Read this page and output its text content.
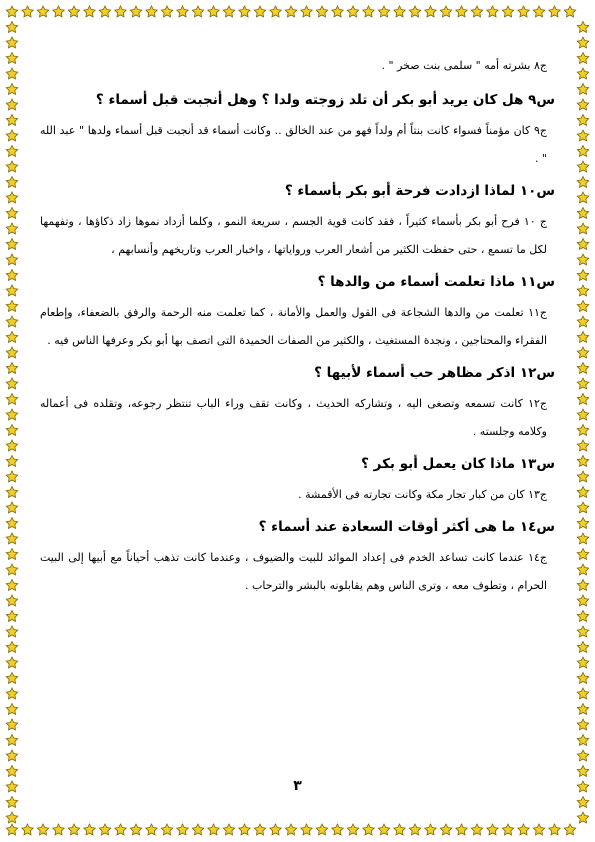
ج٨ بشرته أمه " سلمى بنت صخر " .

س٩ هل كان يريد أبو بكر أن تلد زوجته ولدا ؟ وهل أنجبت قبل أسماء ؟

ج٩ كان مؤمناً فسواء كانت بنتاً أم ولداً فهو من عند الخالق .. وكانت أسماء قد أنجبت قبل أسماء ولدها " عبد الله " .

س١٠ لماذا ازدادت فرحة أبو بكر بأسماء ؟

ج ١٠ فرح أبو بكر بأسماء كثيراً ، فقد كانت قوية الجسم ، سريعة النمو ، وكلما أزداد نموها زاد ذكاؤها ، وتفهمها لكل ما تسمع ، حتى حفظت الكثير من أشعار العرب ورواياتها ، واخبار العرب وتاريخهم وأنسابهم ،

س١١ ماذا تعلمت أسماء من والدها ؟

ج١١ تعلمت من والدها الشجاعة فى القول والعمل والأمانة ، كما تعلمت منه الرحمة والرفق بالضعفاء، وإطعام الفقراء والمحتاجين ، ونجدة المستغيث ، والكثير من الصفات الحميدة التى اتصف بها أبو بكر وعرفها الناس فيه .

س١٢ اذكر مظاهر حب أسماء لأبيها ؟

ج١٢ كانت تسمعه وتصغى اليه ، وتشاركه الحديث ، وكانت تقف وراء الباب تنتظر رجوعه، وتقلده فى أعماله وكلامه وجلسته .

س١٣ ماذا كان يعمل أبو بكر ؟

ج١٣ كان من كبار تجار مكة وكانت تجارته فى الأقمشة .

س١٤ ما هى أكثر أوقات السعادة عند أسماء ؟

ج١٤ عندما كانت تساعد الخدم فى إعداد الموائد للبيت والضيوف ، وعندما كانت تذهب أحياناً مع أبيها إلى البيت الحرام ، وتطوف معه ، وترى الناس وهم يقابلونه بالبشر والترحاب .

٣
